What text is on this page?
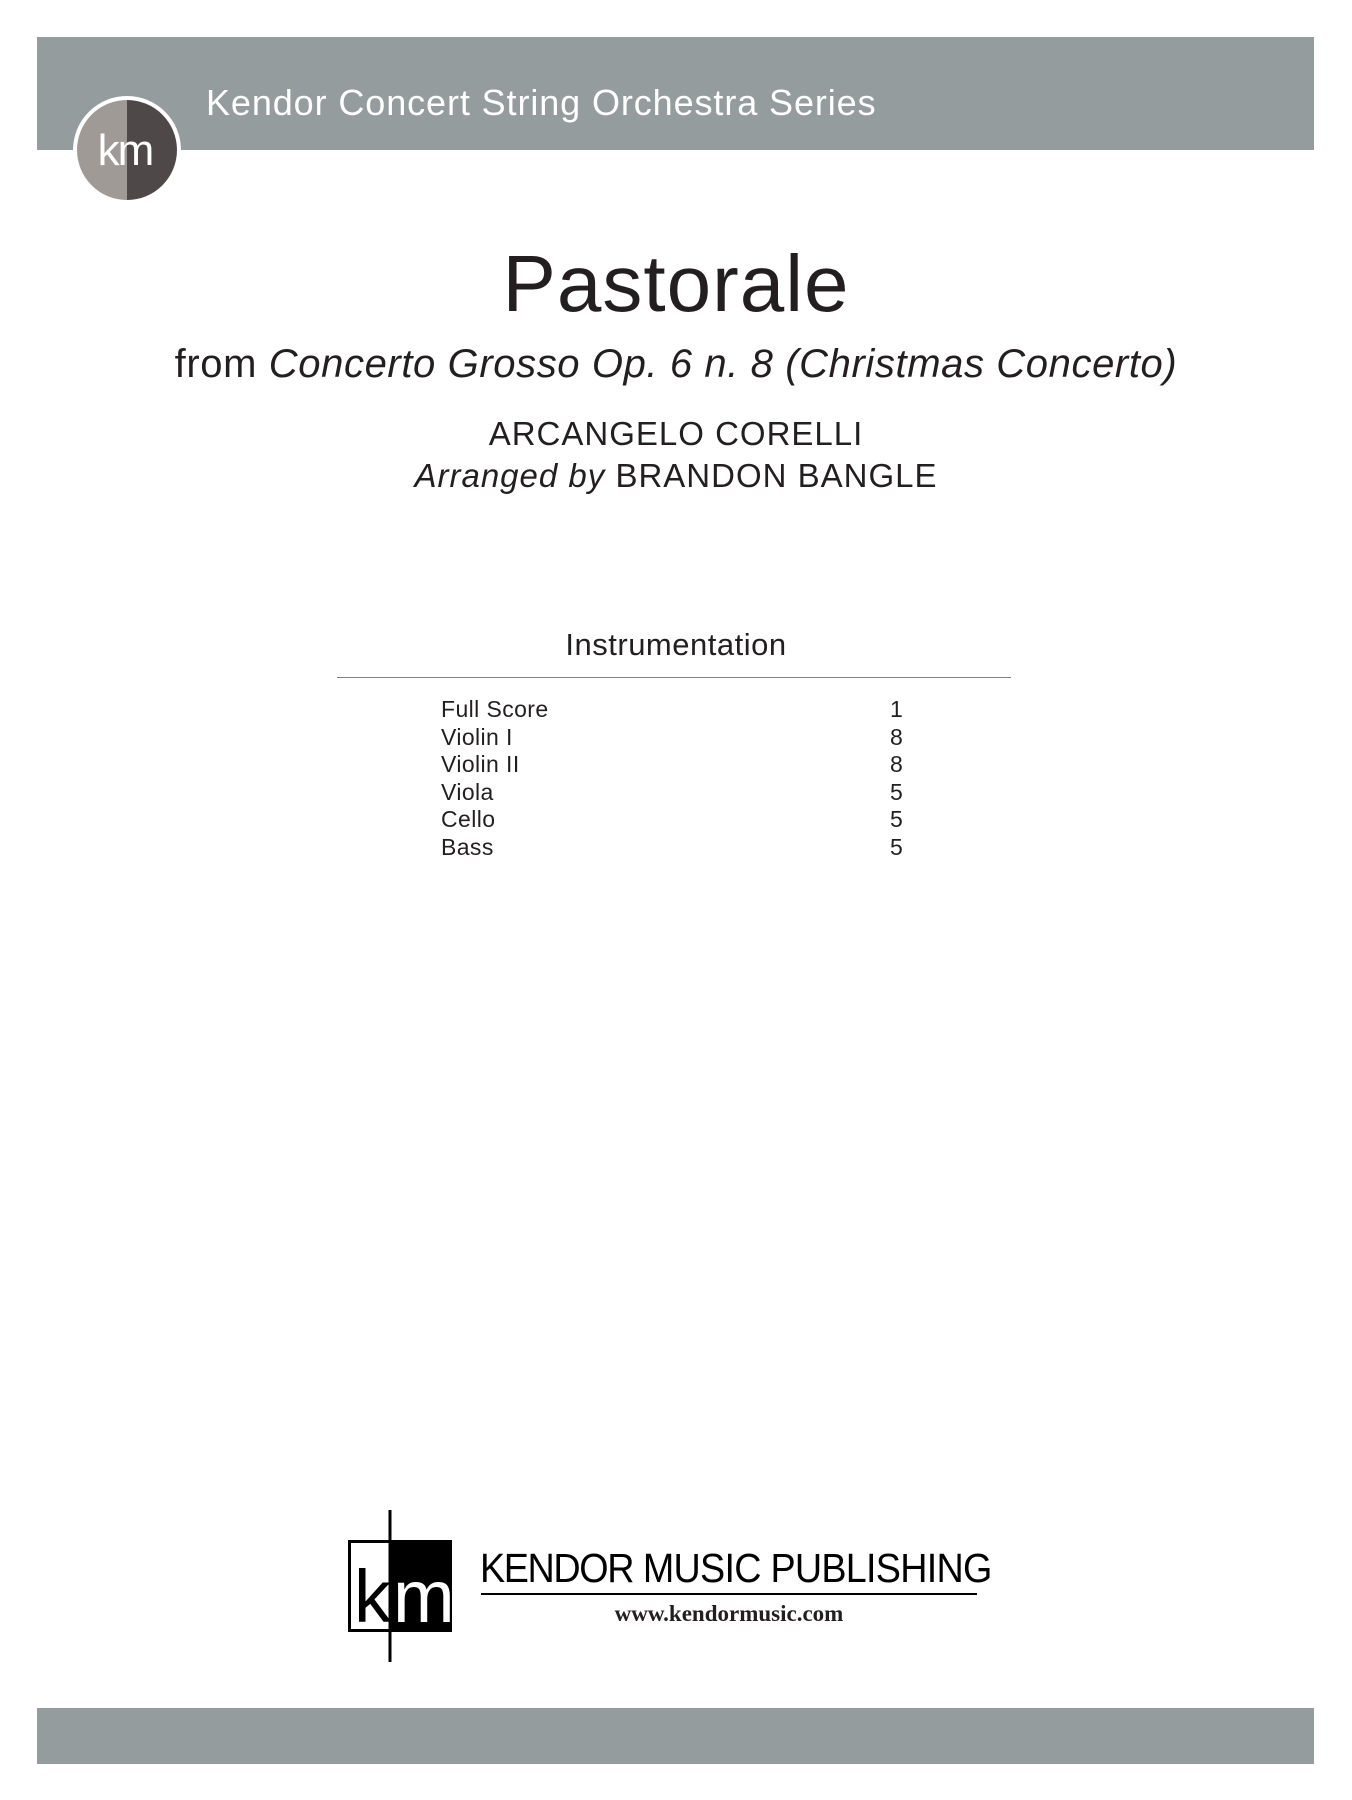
Kendor Concert String Orchestra Series
km
Pastorale
from Concerto Grosso Op. 6 n. 8 (Christmas Concerto)
ARCANGELO CORELLI
Arranged by BRANDON BANGLE
Instrumentation
Full Score	1
Violin I	8
Violin II	8
Viola	5
Cello	5
Bass	5
k m KENDOR MUSIC PUBLISHING
www.kendormusic.com
